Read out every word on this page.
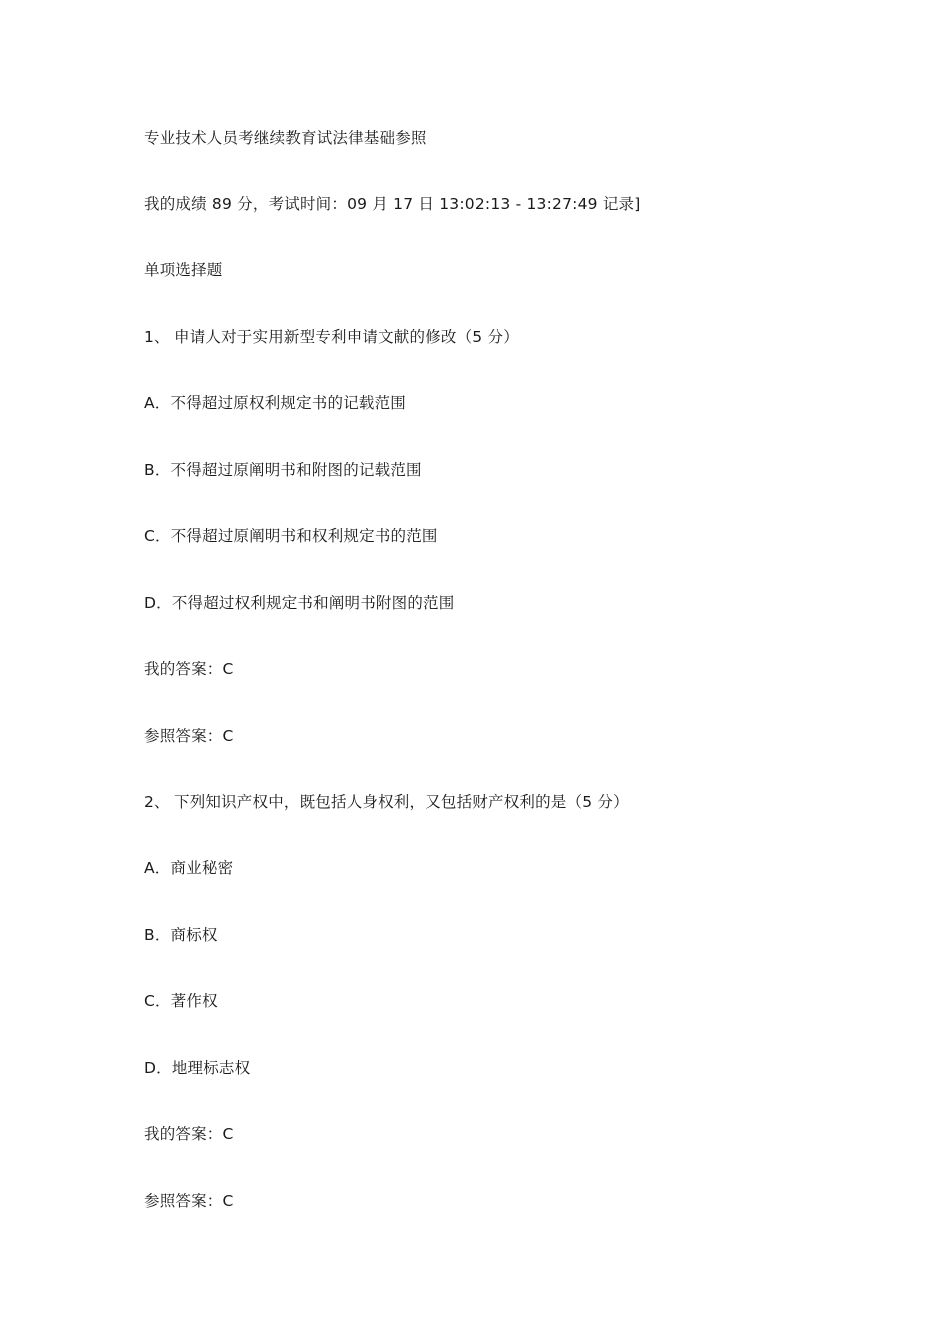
专业技术人员考继续教育试法律基础参照
我的成绩 89 分，考试时间：09 月 17 日 13:02:13 - 13:27:49 记录]
单项选择题
1、 申请人对于实用新型专利申请文献的修改（5 分）
A．不得超过原权利规定书的记载范围
B．不得超过原阐明书和附图的记载范围
C．不得超过原阐明书和权利规定书的范围
D．不得超过权利规定书和阐明书附图的范围
我的答案：C
参照答案：C
2、 下列知识产权中，既包括人身权利，又包括财产权利的是（5 分）
A．商业秘密
B．商标权
C．著作权
D．地理标志权
我的答案：C
参照答案：C
